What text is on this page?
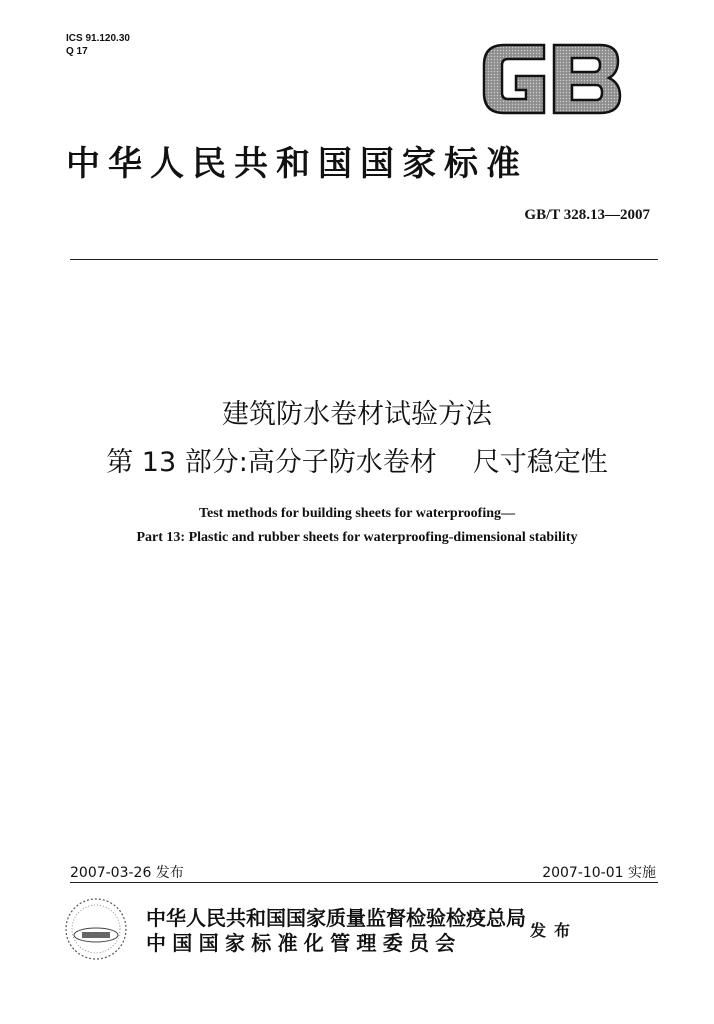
ICS 91.120.30
Q 17
中华人民共和国国家标准
GB/T 328.13—2007
建筑防水卷材试验方法
第 13 部分:高分子防水卷材 尺寸稳定性
Test methods for building sheets for waterproofing—
Part 13: Plastic and rubber sheets for waterproofing-dimensional stability
2007-03-26 发布	2007-10-01 实施
中华人民共和国国家质量监督检验检疫总局
中国国家标准化管理委员会
发布
